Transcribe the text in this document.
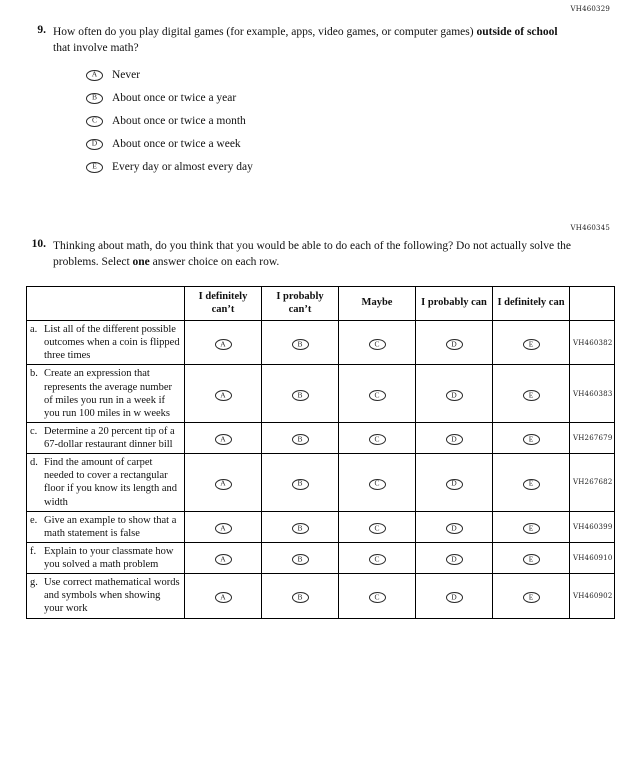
VH460329
9. How often do you play digital games (for example, apps, video games, or computer games) outside of school that involve math?
A Never
B About once or twice a year
C About once or twice a month
D About once or twice a week
E Every day or almost every day
VH460345
10. Thinking about math, do you think that you would be able to do each of the following? Do not actually solve the problems. Select one answer choice on each row.
	I definitely can’t	I probably can’t	Maybe	I probably can	I definitely can	

a. List all of the different possible outcomes when a coin is flipped three times	A	B	C	D	E	VH460382

b. Create an expression that represents the average number of miles you run in a week if you run 100 miles in w weeks	A	B	C	D	E	VH460383

c. Determine a 20 percent tip of a 67-dollar restaurant dinner bill	A	B	C	D	E	VH267679

d. Find the amount of carpet needed to cover a rectangular floor if you know its length and width	A	B	C	D	E	VH267682

e. Give an example to show that a math statement is false	A	B	C	D	E	VH460399

f. Explain to your classmate how you solved a math problem	A	B	C	D	E	VH460910

g. Use correct mathematical words and symbols when showing your work	A	B	C	D	E	VH460902
